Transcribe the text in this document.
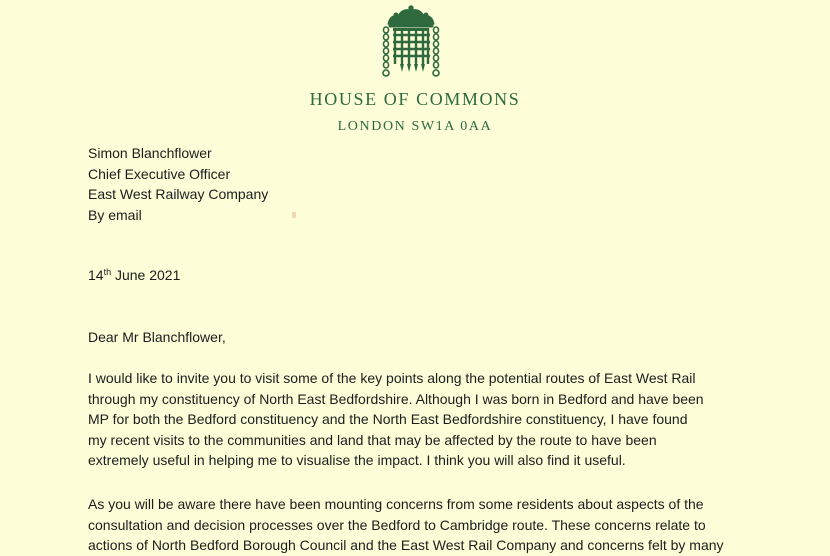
HOUSE OF COMMONS
LONDON SW1A 0AA
Simon Blanchflower
Chief Executive Officer
East West Railway Company
By email
14th June 2021
Dear Mr Blanchflower,
I would like to invite you to visit some of the key points along the potential routes of East West Rail
through my constituency of North East Bedfordshire. Although I was born in Bedford and have been
MP for both the Bedford constituency and the North East Bedfordshire constituency, I have found
my recent visits to the communities and land that may be affected by the route to have been
extremely useful in helping me to visualise the impact. I think you will also find it useful.
As you will be aware there have been mounting concerns from some residents about aspects of the
consultation and decision processes over the Bedford to Cambridge route. These concerns relate to
actions of North Bedford Borough Council and the East West Rail Company and concerns felt by many
